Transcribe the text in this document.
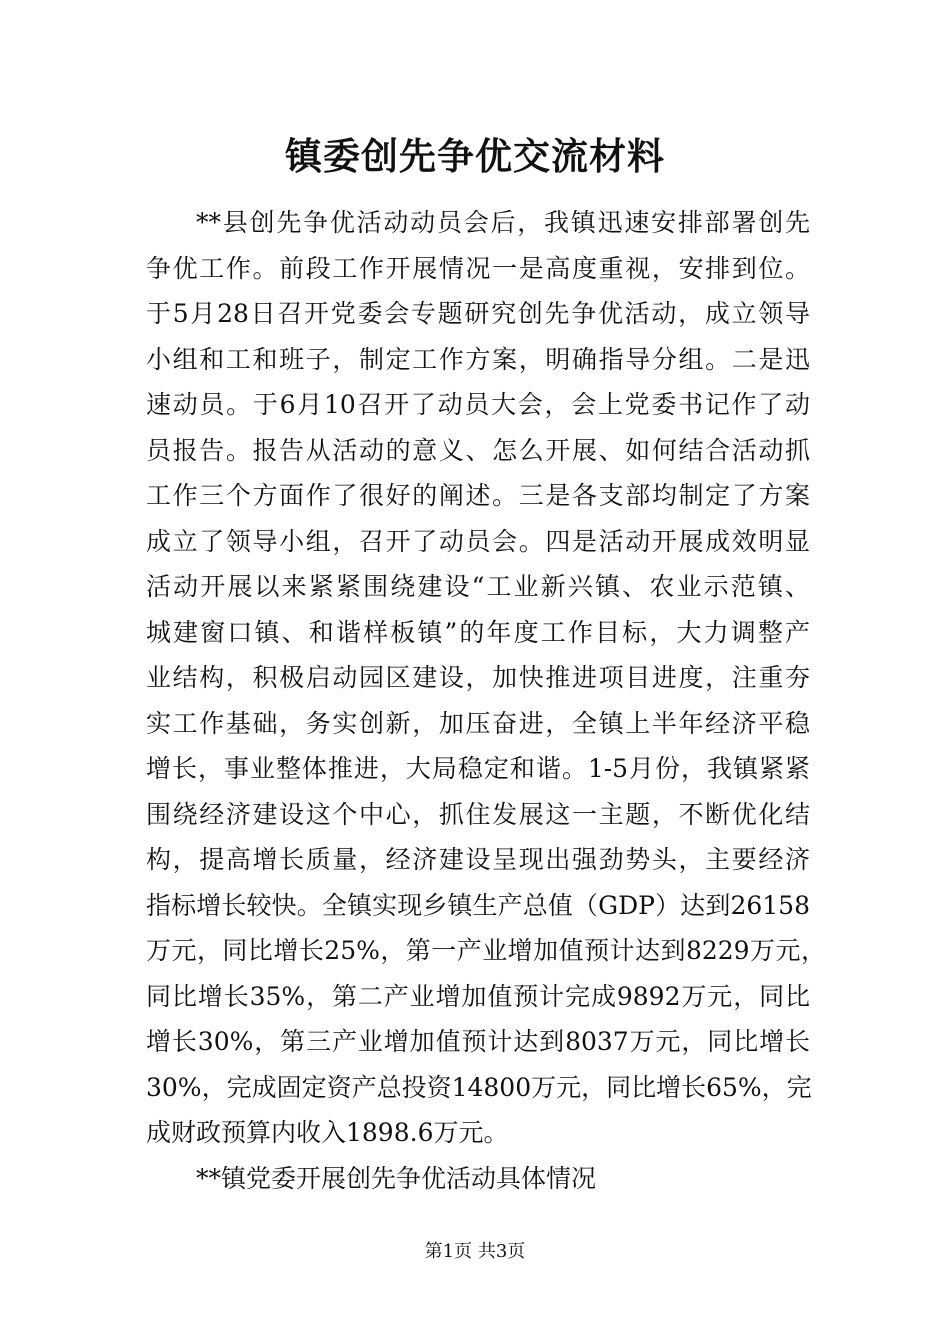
镇委创先争优交流材料
**县创先争优活动动员会后，我镇迅速安排部署创先
争优工作。前段工作开展情况一是高度重视，安排到位。
于5月28日召开党委会专题研究创先争优活动，成立领导
小组和工和班子，制定工作方案，明确指导分组。二是迅
速动员。于6月10召开了动员大会，会上党委书记作了动
员报告。报告从活动的意义、怎么开展、如何结合活动抓
工作三个方面作了很好的阐述。三是各支部均制定了方案
成立了领导小组，召开了动员会。四是活动开展成效明显
活动开展以来紧紧围绕建设“工业新兴镇、农业示范镇、
城建窗口镇、和谐样板镇”的年度工作目标，大力调整产
业结构，积极启动园区建设，加快推进项目进度，注重夯
实工作基础，务实创新，加压奋进，全镇上半年经济平稳
增长，事业整体推进，大局稳定和谐。1-5月份，我镇紧紧
围绕经济建设这个中心，抓住发展这一主题，不断优化结
构，提高增长质量，经济建设呈现出强劲势头，主要经济
指标增长较快。全镇实现乡镇生产总值（GDP）达到26158
万元，同比增长25%，第一产业增加值预计达到8229万元，
同比增长35%，第二产业增加值预计完成9892万元，同比
增长30%，第三产业增加值预计达到8037万元，同比增长
30%，完成固定资产总投资14800万元，同比增长65%，完
成财政预算内收入1898.6万元。

**镇党委开展创先争优活动具体情况

第1页 共3页
